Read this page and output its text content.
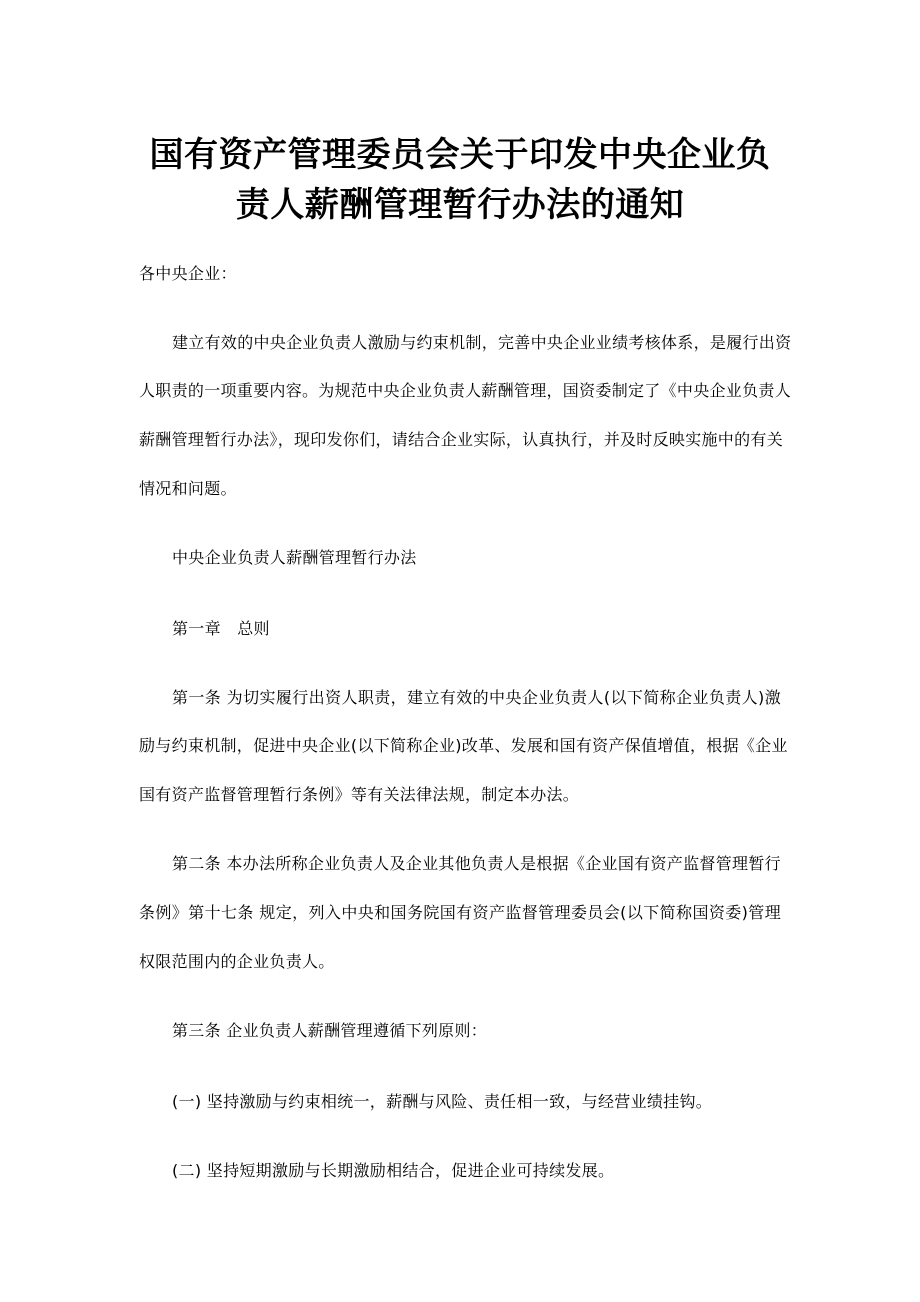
国有资产管理委员会关于印发中央企业负
责人薪酬管理暂行办法的通知
各中央企业：
建立有效的中央企业负责人激励与约束机制，完善中央企业业绩考核体系，是履行出资
人职责的一项重要内容。为规范中央企业负责人薪酬管理，国资委制定了《中央企业负责人
薪酬管理暂行办法》，现印发你们，请结合企业实际，认真执行，并及时反映实施中的有关
情况和问题。
中央企业负责人薪酬管理暂行办法
第一章　总则
第一条 为切实履行出资人职责，建立有效的中央企业负责人(以下简称企业负责人)激
励与约束机制，促进中央企业(以下简称企业)改革、发展和国有资产保值增值，根据《企业
国有资产监督管理暂行条例》等有关法律法规，制定本办法。
第二条 本办法所称企业负责人及企业其他负责人是根据《企业国有资产监督管理暂行
条例》第十七条 规定，列入中央和国务院国有资产监督管理委员会(以下简称国资委)管理
权限范围内的企业负责人。
第三条 企业负责人薪酬管理遵循下列原则：
(一) 坚持激励与约束相统一，薪酬与风险、责任相一致，与经营业绩挂钩。
(二) 坚持短期激励与长期激励相结合，促进企业可持续发展。
